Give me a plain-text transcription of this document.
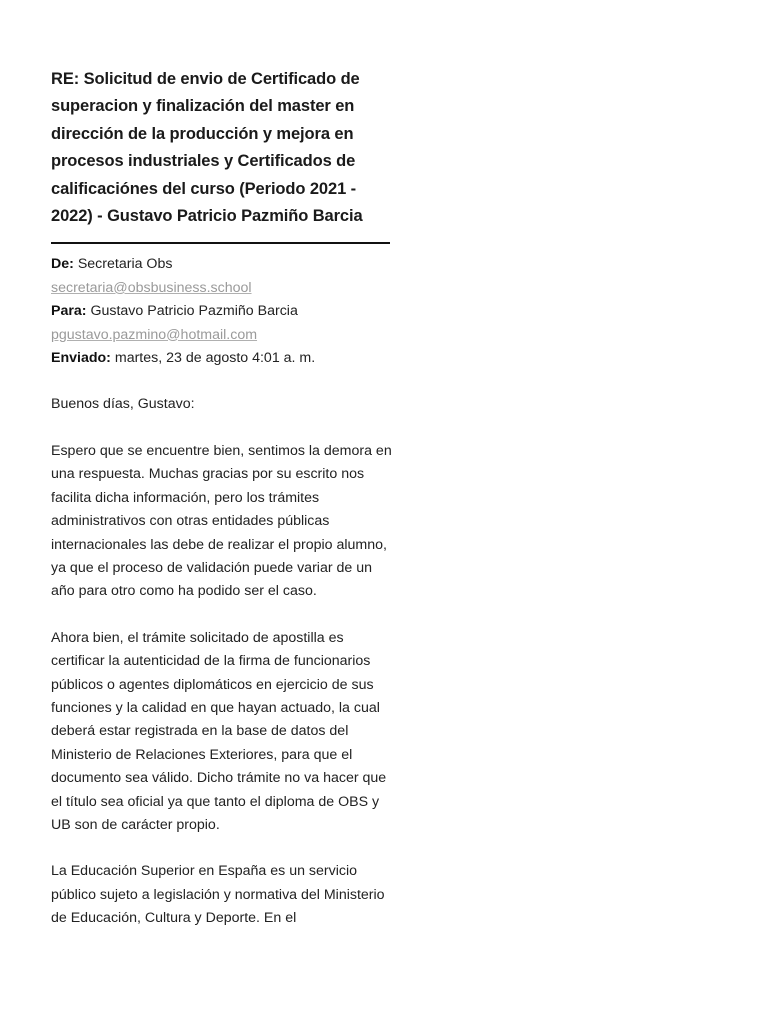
RE: Solicitud de envio de Certificado de superacion y finalización del master en dirección de la producción y mejora en procesos industriales y Certificados de calificaciónes del curso (Periodo 2021 - 2022) - Gustavo Patricio Pazmiño Barcia
De: Secretaria Obs
secretaria@obsbusiness.school
Para: Gustavo Patricio Pazmiño Barcia
pgustavo.pazmino@hotmail.com
Enviado: martes, 23 de agosto 4:01 a. m.

Buenos días, Gustavo:

Espero que se encuentre bien, sentimos la demora en una respuesta. Muchas gracias por su escrito nos facilita dicha información, pero los trámites administrativos con otras entidades públicas internacionales las debe de realizar el propio alumno, ya que el proceso de validación puede variar de un año para otro como ha podido ser el caso.

Ahora bien, el trámite solicitado de apostilla es certificar la autenticidad de la firma de funcionarios públicos o agentes diplomáticos en ejercicio de sus funciones y la calidad en que hayan actuado, la cual deberá estar registrada en la base de datos del Ministerio de Relaciones Exteriores, para que el documento sea válido. Dicho trámite no va hacer que el título sea oficial ya que tanto el diploma de OBS y UB son de carácter propio.

La Educación Superior en España es un servicio público sujeto a legislación y normativa del Ministerio de Educación, Cultura y Deporte. En el
